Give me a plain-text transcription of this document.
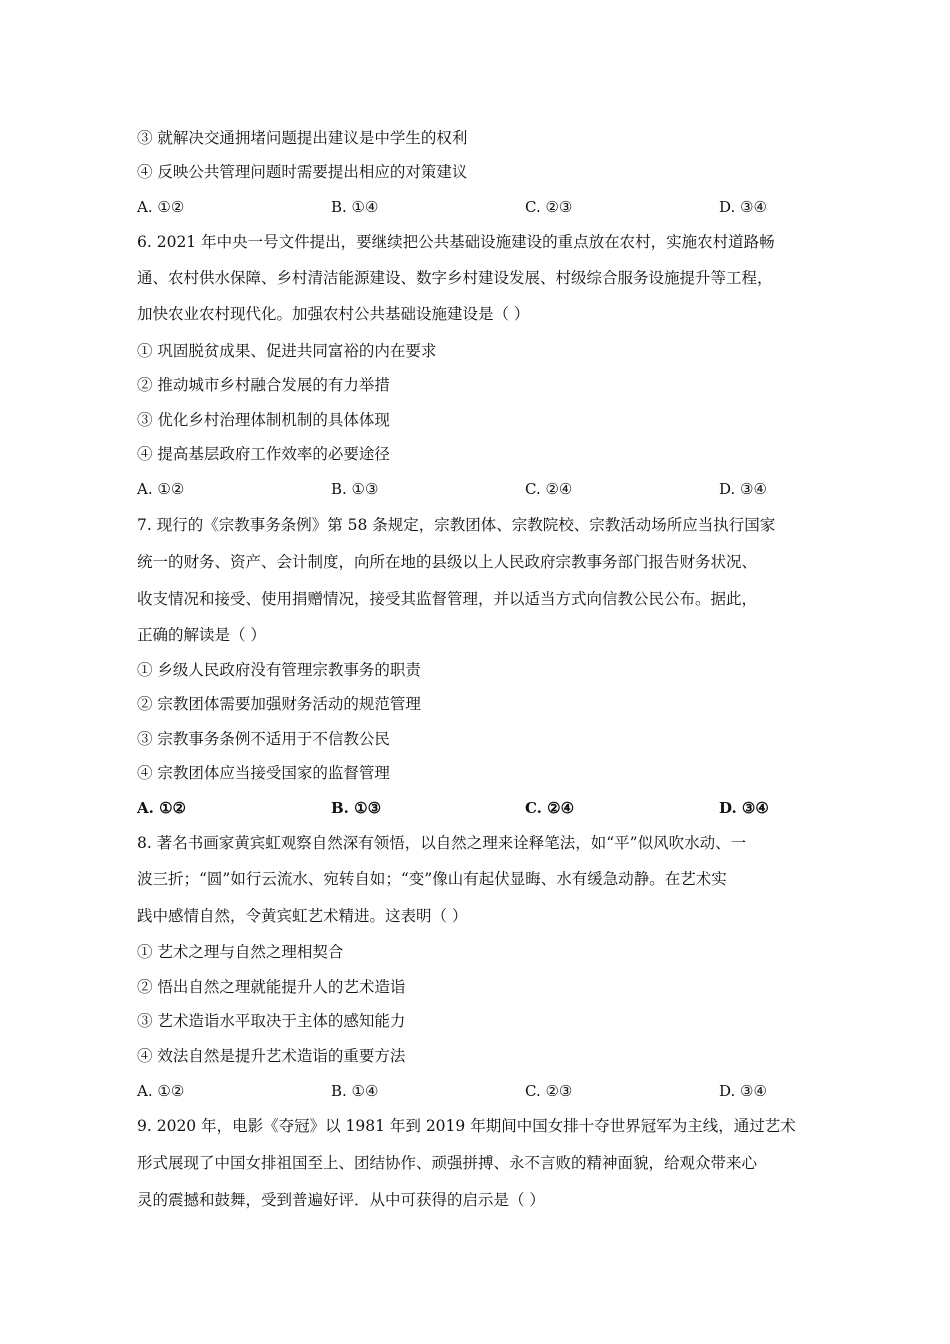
③ 就解决交通拥堵问题提出建议是中学生的权利
④ 反映公共管理问题时需要提出相应的对策建议
A. ①②	B. ①④	C. ②③	D. ③④
6. 2021 年中央一号文件提出，要继续把公共基础设施建设的重点放在农村，实施农村道路畅
通、农村供水保障、乡村清洁能源建设、数字乡村建设发展、村级综合服务设施提升等工程，
加快农业农村现代化。加强农村公共基础设施建设是（ ）
① 巩固脱贫成果、促进共同富裕的内在要求
② 推动城市乡村融合发展的有力举措
③ 优化乡村治理体制机制的具体体现
④ 提高基层政府工作效率的必要途径
A. ①②	B. ①③	C. ②④	D. ③④
7. 现行的《宗教事务条例》第 58 条规定，宗教团体、宗教院校、宗教活动场所应当执行国家
统一的财务、资产、会计制度，向所在地的县级以上人民政府宗教事务部门报告财务状况、
收支情况和接受、使用捐赠情况，接受其监督管理，并以适当方式向信教公民公布。据此，
正确的解读是（ ）
① 乡级人民政府没有管理宗教事务的职责
② 宗教团体需要加强财务活动的规范管理
③ 宗教事务条例不适用于不信教公民
④ 宗教团体应当接受国家的监督管理
A. ①②	B. ①③	C. ②④	D. ③④
8. 著名书画家黄宾虹观察自然深有领悟，以自然之理来诠释笔法，如“平”似风吹水动、一
波三折；“圆”如行云流水、宛转自如；“变”像山有起伏显晦、水有缓急动静。在艺术实
践中感情自然，令黄宾虹艺术精进。这表明（ ）
① 艺术之理与自然之理相契合
② 悟出自然之理就能提升人的艺术造诣
③ 艺术造诣水平取决于主体的感知能力
④ 效法自然是提升艺术造诣的重要方法
A. ①②	B. ①④	C. ②③	D. ③④
9. 2020 年，电影《夺冠》以 1981 年到 2019 年期间中国女排十夺世界冠军为主线，通过艺术
形式展现了中国女排祖国至上、团结协作、顽强拼搏、永不言败的精神面貌，给观众带来心
灵的震撼和鼓舞，受到普遍好评．从中可获得的启示是（ ）
